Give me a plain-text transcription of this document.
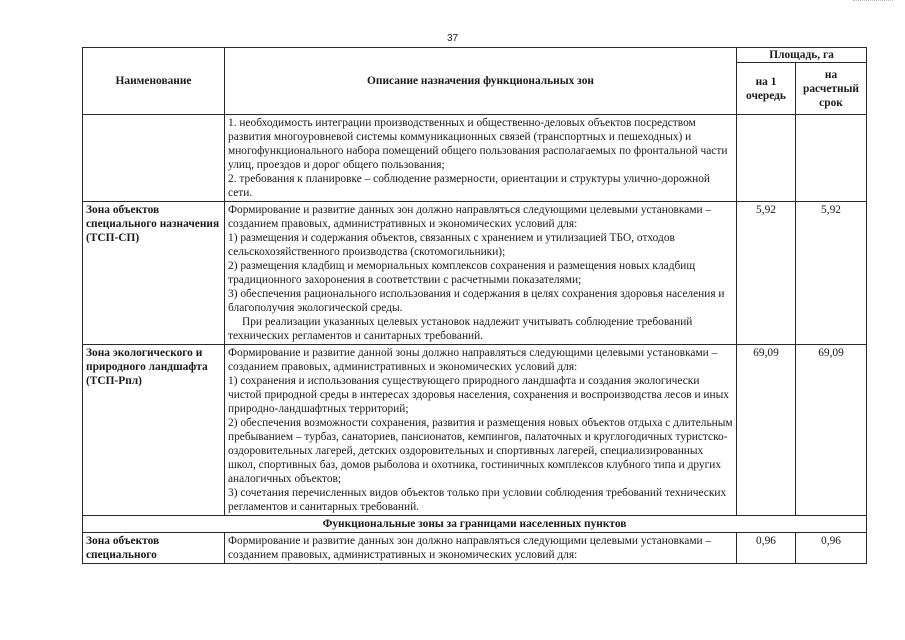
37
Наименование	Описание назначения функциональных зон	Площадь, га	
		на 1 очередь	на расчетный срок

	1. необходимость интеграции производственных и общественно-деловых объектов посредством развития многоуровневой системы коммуникационных связей (транспортных и пешеходных) и многофункционального набора помещений общего пользования располагаемых по фронтальной части улиц, проездов и дорог общего пользования;
2. требования к планировке – соблюдение размерности, ориентации и структуры улично-дорожной сети.		

Зона объектов специального назначения (ТСП-СП)	Формирование и развитие данных зон должно направляться следующими целевыми установками – созданием правовых, административных и экономических условий для:
1) размещения и содержания объектов, связанных с хранением и утилизацией ТБО, отходов сельскохозяйственного производства (скотомогильники);
2) размещения кладбищ и мемориальных комплексов сохранения и размещения новых кладбищ традиционного захоронения в соответствии с расчетными показателями;
3) обеспечения рационального использования и содержания в целях сохранения здоровья населения и благополучия экологической среды.
При реализации указанных целевых установок надлежит учитывать соблюдение требований технических регламентов и санитарных требований.	5,92	5,92
Зона экологического и природного ландшафта (ТСП-Рпл)	Формирование и развитие данной зоны должно направляться следующими целевыми установками – созданием правовых, административных и экономических условий для:
1) сохранения и использования существующего природного ландшафта и создания экологически чистой природной среды в интересах здоровья населения, сохранения и воспроизводства лесов и иных природно-ландшафтных территорий;
2) обеспечения возможности сохранения, развития и размещения новых объектов отдыха с длительным пребыванием – турбаз, санаториев, пансионатов, кемпингов, палаточных и круглогодичных туристско-оздоровительных лагерей, детских оздоровительных и спортивных лагерей, специализированных школ, спортивных баз, домов рыболова и охотника, гостиничных комплексов клубного типа и других аналогичных объектов;
3) сочетания перечисленных видов объектов только при условии соблюдения требований технических регламентов и санитарных требований.	69,09	69,09
Функциональные зоны за границами населенных пунктов			
Зона объектов специального	Формирование и развитие данных зон должно направляться следующими целевыми установками – созданием правовых, административных и экономических условий для:	0,96	0,96
